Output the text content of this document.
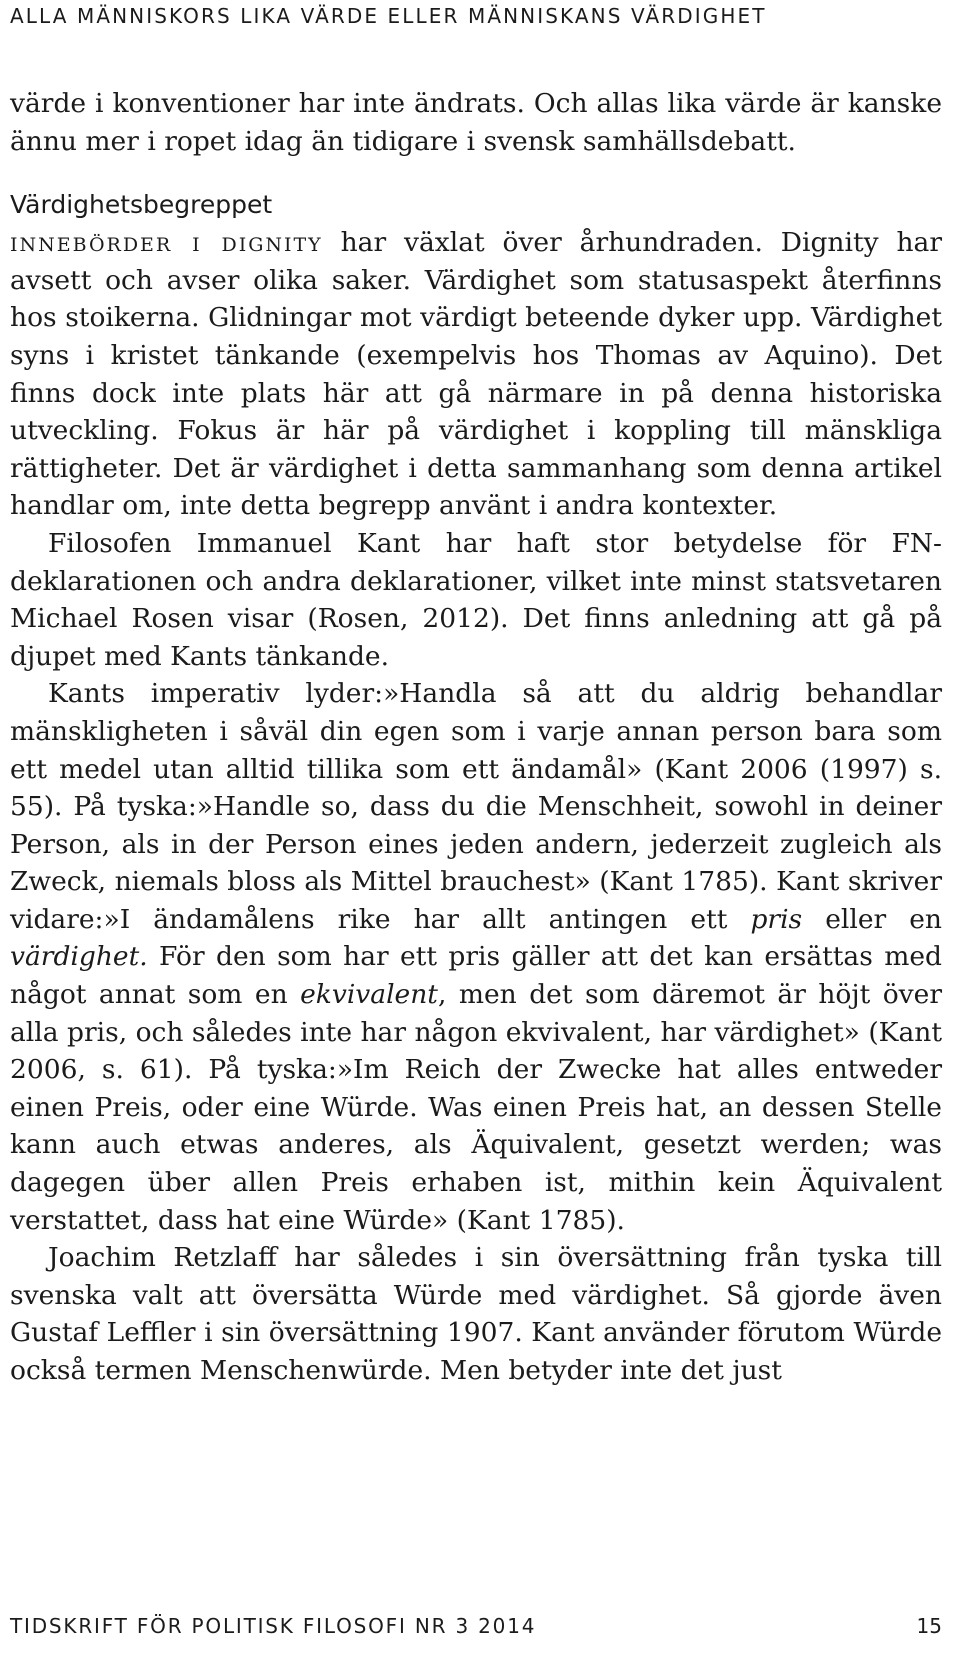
ALLA MÄNNISKORS LIKA VÄRDE ELLER MÄNNISKANS VÄRDIGHET

värde i konventioner har inte ändrats. Och allas lika värde är kanske ännu mer i ropet idag än tidigare i svensk samhällsdebatt.

Värdighetsbegreppet

innebörder i dignity har växlat över århundraden. Dignity har avsett och avser olika saker. Värdighet som statusaspekt återfinns hos stoikerna. Glidningar mot värdigt beteende dyker upp. Värdighet syns i kristet tänkande (exempelvis hos Thomas av Aquino). Det finns dock inte plats här att gå närmare in på denna historiska utveckling. Fokus är här på värdighet i koppling till mänskliga rättigheter. Det är värdighet i detta sammanhang som denna artikel handlar om, inte detta begrepp använt i andra kontexter.

Filosofen Immanuel Kant har haft stor betydelse för FN-deklarationen och andra deklarationer, vilket inte minst statsvetaren Michael Rosen visar (Rosen, 2012). Det finns anledning att gå på djupet med Kants tänkande.

Kants imperativ lyder:»Handla så att du aldrig behandlar mänskligheten i såväl din egen som i varje annan person bara som ett medel utan alltid tillika som ett ändamål» (Kant 2006 (1997) s. 55). På tyska:»Handle so, dass du die Menschheit, sowohl in deiner Person, als in der Person eines jeden andern, jederzeit zugleich als Zweck, niemals bloss als Mittel brauchest» (Kant 1785). Kant skriver vidare:»I ändamålens rike har allt antingen ett pris eller en värdighet. För den som har ett pris gäller att det kan ersättas med något annat som en ekvivalent, men det som däremot är höjt över alla pris, och således inte har någon ekvivalent, har värdighet» (Kant 2006, s. 61). På tyska:»Im Reich der Zwecke hat alles entweder einen Preis, oder eine Würde. Was einen Preis hat, an dessen Stelle kann auch etwas anderes, als Äquivalent, gesetzt werden; was dagegen über allen Preis erhaben ist, mithin kein Äquivalent verstattet, dass hat eine Würde» (Kant 1785).

Joachim Retzlaff har således i sin översättning från tyska till svenska valt att översätta Würde med värdighet. Så gjorde även Gustaf Leffler i sin översättning 1907. Kant använder förutom Würde också termen Menschenwürde. Men betyder inte det just

TIDSKRIFT FÖR POLITISK FILOSOFI NR 3 2014	15
